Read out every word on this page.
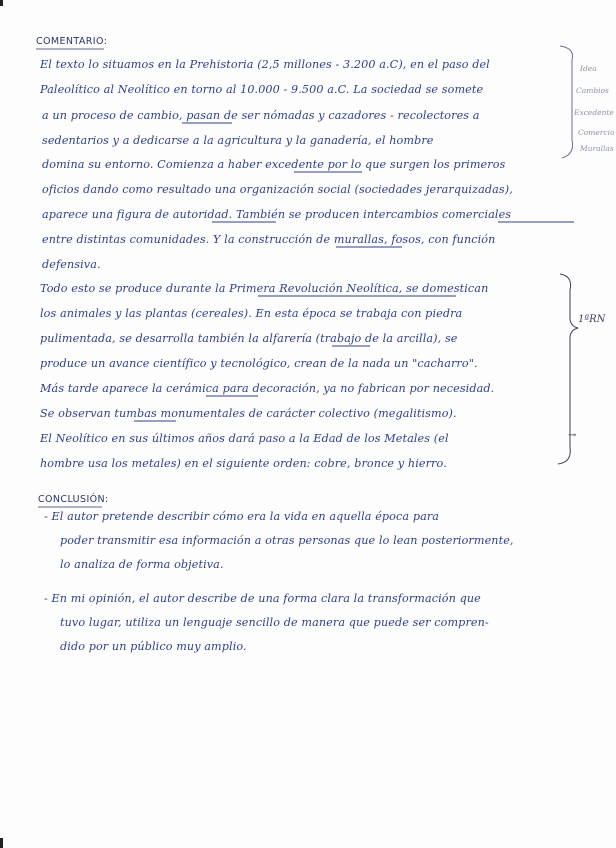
COMENTARIO:
El texto lo situamos en la Prehistoria (2,5 millones - 3.200 a.C), en el paso del
Paleolítico al Neolítico en torno al 10.000 - 9.500 a.C. La sociedad se somete
a un proceso de cambio, pasan de ser nómadas y cazadores - recolectores a
sedentarios y a dedicarse a la agricultura y la ganadería, el hombre
domina su entorno. Comienza a haber excedente por lo que surgen los primeros
oficios dando como resultado una organización social (sociedades jerarquizadas),
aparece una figura de autoridad. También se producen intercambios comerciales
entre distintas comunidades. Y la construcción de murallas, fosos, con función
defensiva.
Todo esto se produce durante la Primera Revolución Neolítica, se domestican
los animales y las plantas (cereales). En esta época se trabaja con piedra
pulimentada, se desarrolla también la alfarería (trabajo de la arcilla), se
produce un avance científico y tecnológico, crean de la nada un "cacharro".
Más tarde aparece la cerámica para decoración, ya no fabrican por necesidad.
Se observan tumbas monumentales de carácter colectivo (megalitismo).
El Neolítico en sus últimos años dará paso a la Edad de los Metales (el
hombre usa los metales) en el siguiente orden: cobre, bronce y hierro.
Idea
Cambios
Excedente
Comercio
Murallas
1ªRN
→
CONCLUSIÓN:
- El autor pretende describir cómo era la vida en aquella época para
poder transmitir esa información a otras personas que lo lean posteriormente,
lo analiza de forma objetiva.
- En mi opinión, el autor describe de una forma clara la transformación que
tuvo lugar, utiliza un lenguaje sencillo de manera que puede ser compren-
dido por un público muy amplio.
